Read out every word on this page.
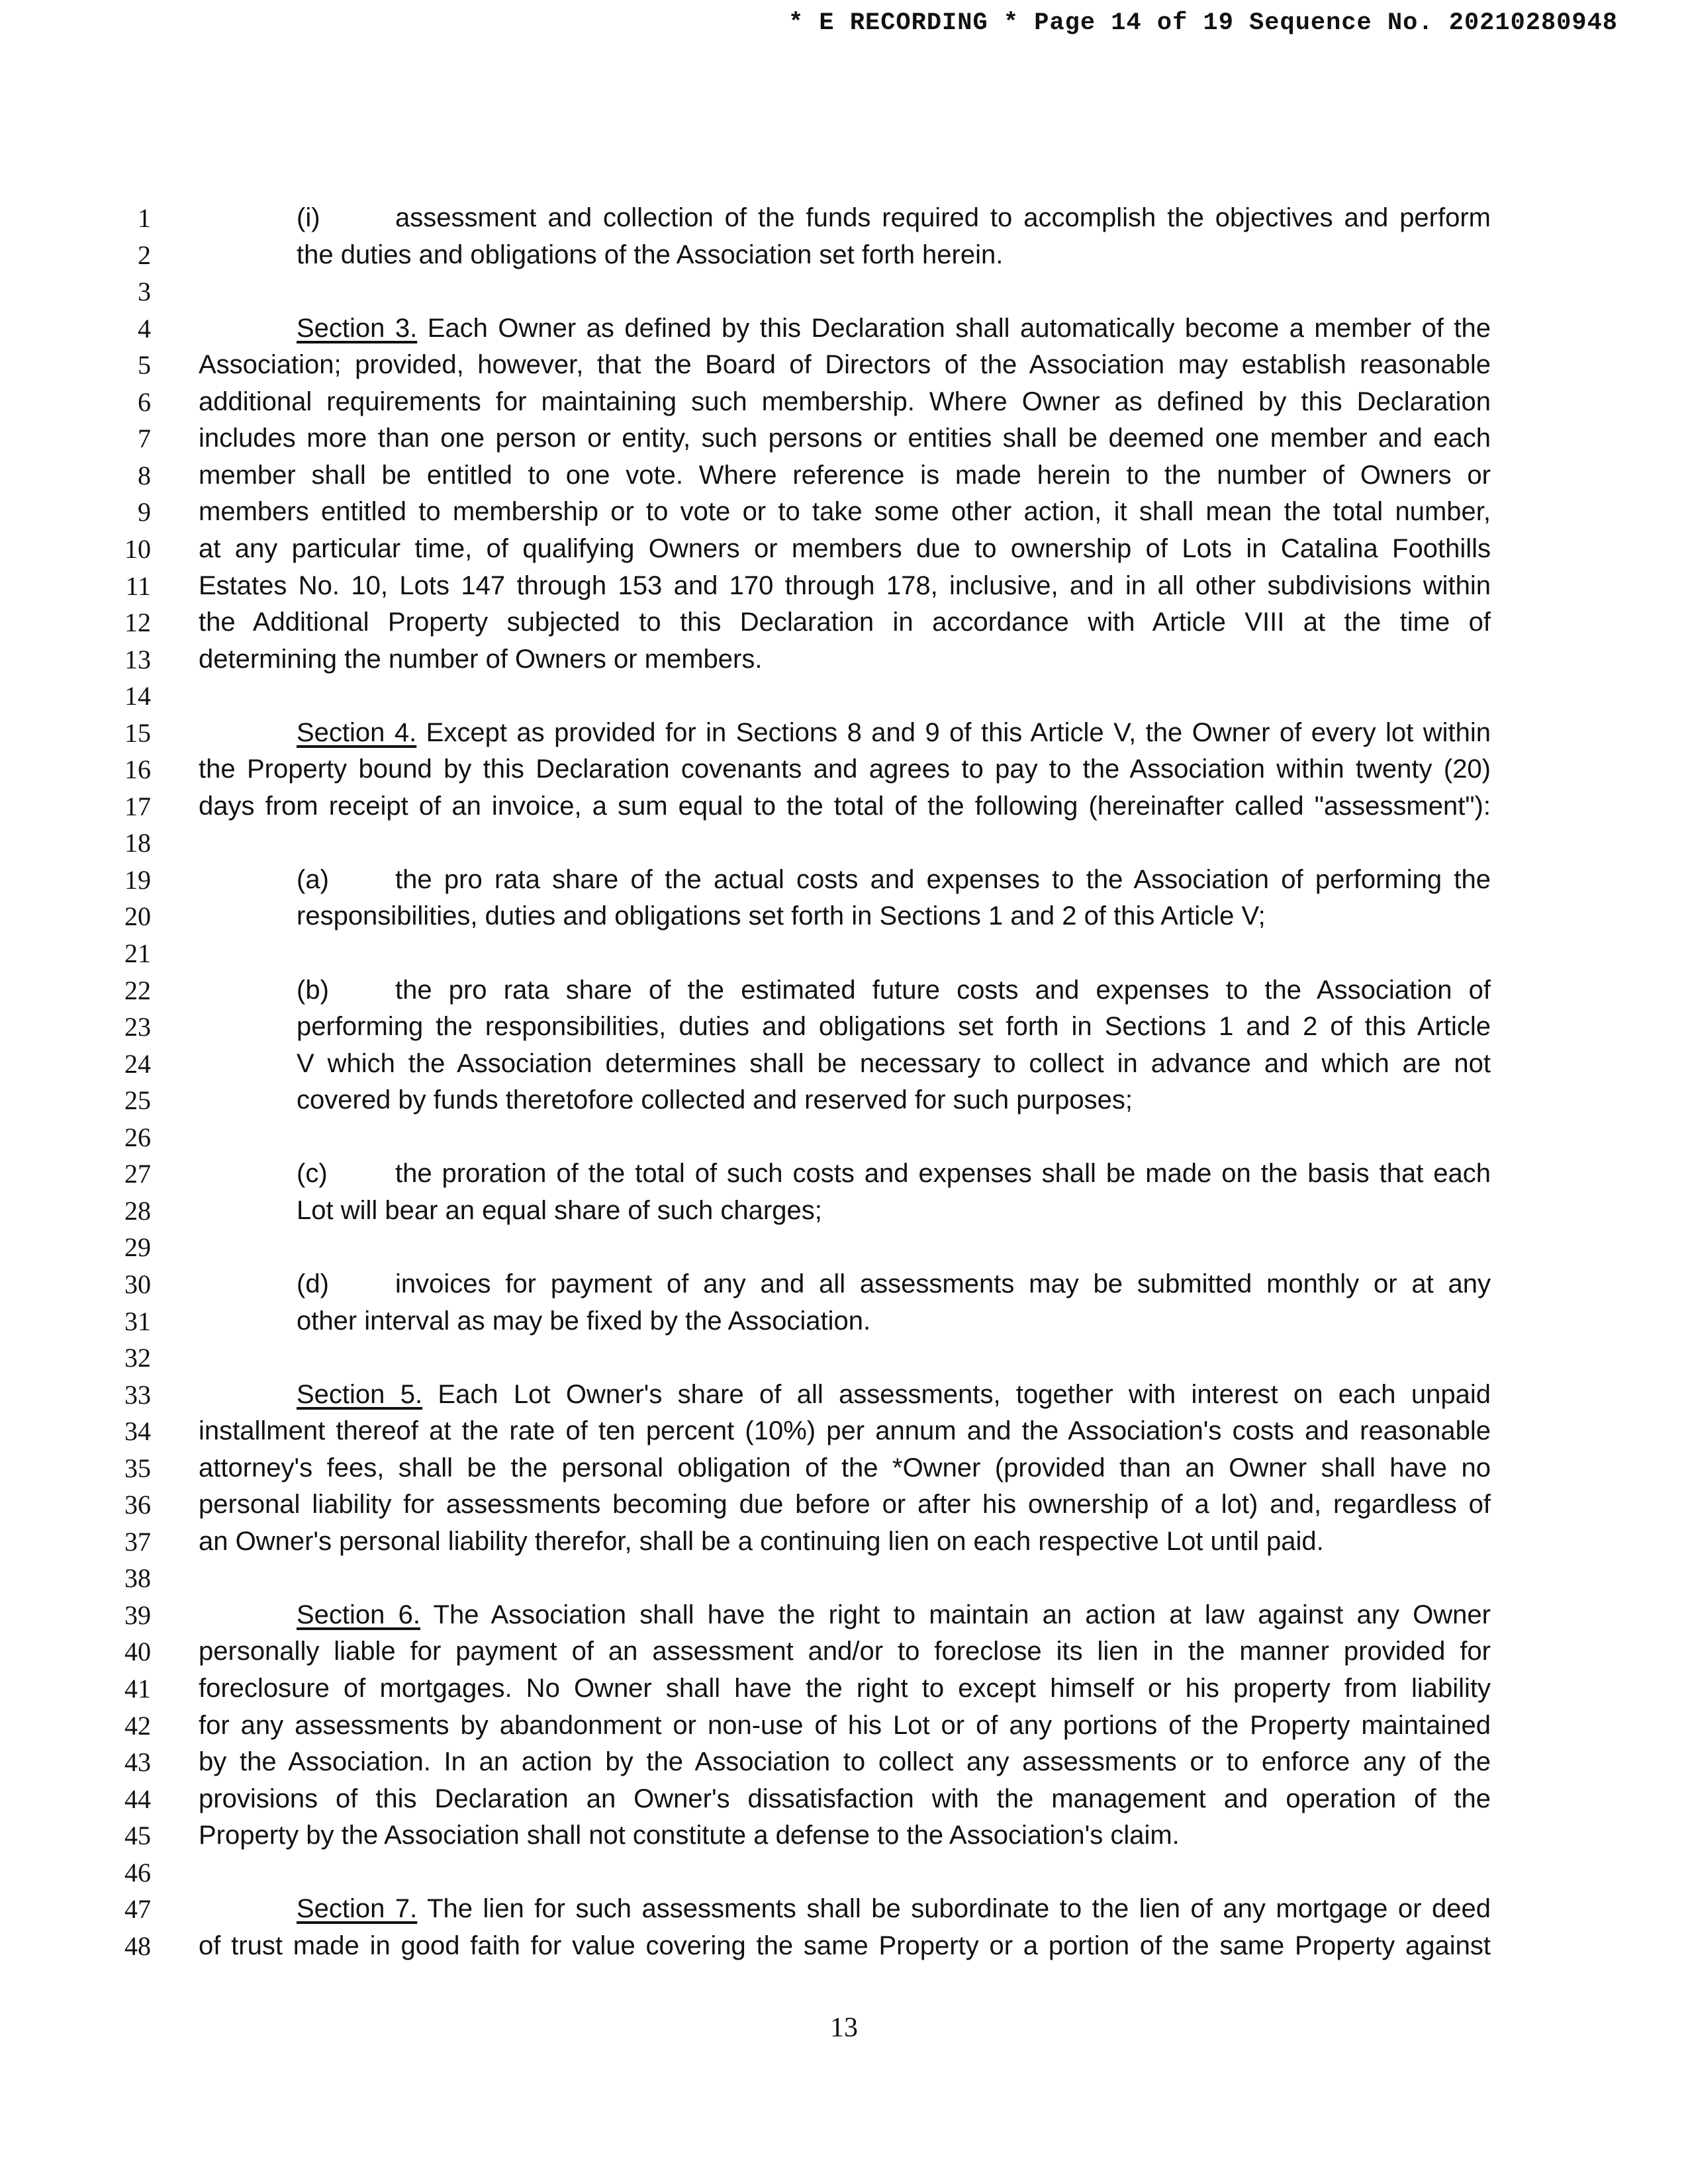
* E RECORDING * Page 14 of 19 Sequence No. 20210280948
1	(i)	assessment and collection of the funds required to accomplish the objectives and perform
2	the duties and obligations of the Association set forth herein.
3
4	Section 3. Each Owner as defined by this Declaration shall automatically become a member of the
5 Association; provided, however, that the Board of Directors of the Association may establish reasonable
6 additional requirements for maintaining such membership. Where Owner as defined by this Declaration
7 includes more than one person or entity, such persons or entities shall be deemed one member and each
8 member shall be entitled to one vote. Where reference is made herein to the number of Owners or
9 members entitled to membership or to vote or to take some other action, it shall mean the total number,
10 at any particular time, of qualifying Owners or members due to ownership of Lots in Catalina Foothills
11 Estates No. 10, Lots 147 through 153 and 170 through 178, inclusive, and in all other subdivisions within
12 the Additional Property subjected to this Declaration in accordance with Article VIII at the time of
13 determining the number of Owners or members.
14
15	Section 4. Except as provided for in Sections 8 and 9 of this Article V, the Owner of every lot within
16 the Property bound by this Declaration covenants and agrees to pay to the Association within twenty (20)
17 days from receipt of an invoice, a sum equal to the total of the following (hereinafter called "assessment"):
18
19	(a)	the pro rata share of the actual costs and expenses to the Association of performing the
20	responsibilities, duties and obligations set forth in Sections 1 and 2 of this Article V;
21
22	(b)	the pro rata share of the estimated future costs and expenses to the Association of
23	performing the responsibilities, duties and obligations set forth in Sections 1 and 2 of this Article
24	V which the Association determines shall be necessary to collect in advance and which are not
25	covered by funds theretofore collected and reserved for such purposes;
26
27	(c)	the proration of the total of such costs and expenses shall be made on the basis that each
28	Lot will bear an equal share of such charges;
29
30	(d)	invoices for payment of any and all assessments may be submitted monthly or at any
31	other interval as may be fixed by the Association.
32
33	Section 5. Each Lot Owner's share of all assessments, together with interest on each unpaid
34 installment thereof at the rate of ten percent (10%) per annum and the Association's costs and reasonable
35 attorney's fees, shall be the personal obligation of the *Owner (provided than an Owner shall have no
36 personal liability for assessments becoming due before or after his ownership of a lot) and, regardless of
37 an Owner's personal liability therefor, shall be a continuing lien on each respective Lot until paid.
38
39	Section 6. The Association shall have the right to maintain an action at law against any Owner
40 personally liable for payment of an assessment and/or to foreclose its lien in the manner provided for
41 foreclosure of mortgages. No Owner shall have the right to except himself or his property from liability
42 for any assessments by abandonment or non-use of his Lot or of any portions of the Property maintained
43 by the Association. In an action by the Association to collect any assessments or to enforce any of the
44 provisions of this Declaration an Owner's dissatisfaction with the management and operation of the
45 Property by the Association shall not constitute a defense to the Association's claim.
46
47	Section 7. The lien for such assessments shall be subordinate to the lien of any mortgage or deed
48 of trust made in good faith for value covering the same Property or a portion of the same Property against
13
